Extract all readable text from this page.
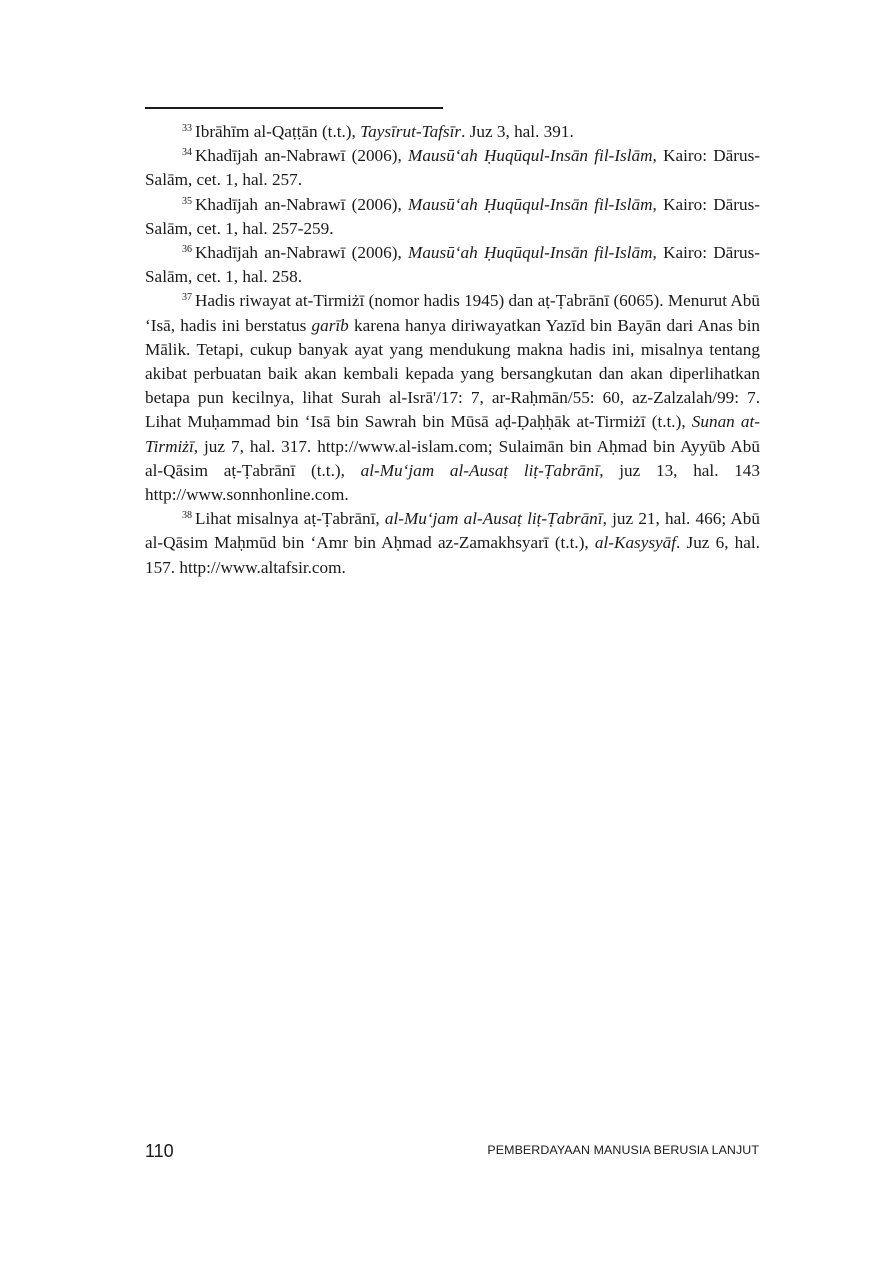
$^{33}$ Ibrāhīm al-Qaṭṭān (t.t.), Taysīrut-Tafsīr. Juz 3, hal. 391.

$^{34}$ Khadījah an-Nabrawī (2006), Mausū‘ah Ḥuqūqul-Insān fil-Islām, Kairo: Dārus-Salām, cet. 1, hal. 257.

$^{35}$ Khadījah an-Nabrawī (2006), Mausū‘ah Ḥuqūqul-Insān fil-Islām, Kairo: Dārus-Salām, cet. 1, hal. 257-259.

$^{36}$ Khadījah an-Nabrawī (2006), Mausū‘ah Ḥuqūqul-Insān fil-Islām, Kairo: Dārus-Salām, cet. 1, hal. 258.

$^{37}$ Hadis riwayat at-Tirmiżī (nomor hadis 1945) dan aṭ-Ṭabrānī (6065). Menurut Abū ‘Isā, hadis ini berstatus garīb karena hanya diriwayatkan Yazīd bin Bayān dari Anas bin Mālik. Tetapi, cukup banyak ayat yang mendukung makna hadis ini, misalnya tentang akibat perbuatan baik akan kembali kepada yang bersangkutan dan akan diperlihatkan betapa pun kecilnya, lihat Surah al-Isrā'/17: 7, ar-Raḥmān/55: 60, az-Zalzalah/99: 7. Lihat Muḥammad bin ‘Isā bin Sawrah bin Mūsā aḍ-Ḍaḥḥāk at-Tirmiżī (t.t.), Sunan at-Tirmiżī, juz 7, hal. 317. http://www.al-islam.com; Sulaimān bin Aḥmad bin Ayyūb Abū al-Qāsim aṭ-Ṭabrānī (t.t.), al-Mu‘jam al-Ausaṭ liṭ-Ṭabrānī, juz 13, hal. 143 http://www.sonnhonline.com.

$^{38}$ Lihat misalnya aṭ-Ṭabrānī, al-Mu‘jam al-Ausaṭ liṭ-Ṭabrānī, juz 21, hal. 466; Abū al-Qāsim Maḥmūd bin ‘Amr bin Aḥmad az-Zamakhsyarī (t.t.), al-Kasysyāf. Juz 6, hal. 157. http://www.altafsir.com.

110	PEMBERDAYAAN MANUSIA BERUSIA LANJUT
